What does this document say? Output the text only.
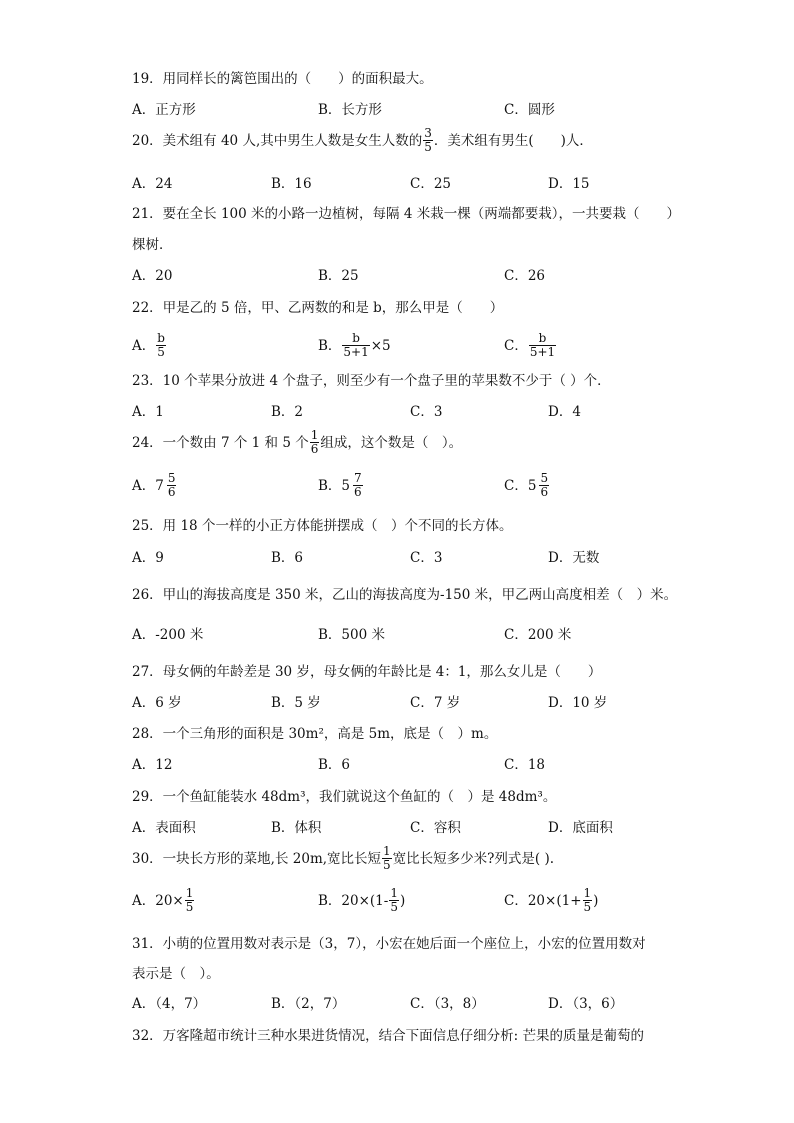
19．用同样长的篱笆围出的（　　）的面积最大。
A．正方形	B．长方形	C．圆形
20．美术组有 40 人,其中男生人数是女生人数的 $\frac{3}{5}$ ．美术组有男生(　　)人．
A．24	B．16	C．25	D．15
21．要在全长 100 米的小路一边植树，每隔 4 米栽一棵（两端都要栽），一共要栽（　　）
棵树．
A．20	B．25	C．26
22．甲是乙的 5 倍，甲、乙两数的和是 b，那么甲是（　　）
A． $\frac{b}{5}$	B． $\frac{b}{5+1} \times 5$	C． $\frac{b}{5+1}$
23．10 个苹果分放进 4 个盘子，则至少有一个盘子里的苹果数不少于（ ）个．
A．1	B．2	C．3	D．4
24．一个数由 7 个 1 和 5 个 $\frac{1}{6}$ 组成，这个数是（　）。
A．$7 \frac{5}{6}$	B．$5 \frac{7}{6}$	C．$5 \frac{5}{6}$
25．用 18 个一样的小正方体能拼摆成（　）个不同的长方体。
A．9	B．6	C．3	D．无数
26．甲山的海拔高度是 350 米，乙山的海拔高度为-150 米，甲乙两山高度相差（　）米。
A．-200 米	B．500 米	C．200 米
27．母女俩的年龄差是 30 岁，母女俩的年龄比是 4：1，那么女儿是（　　）
A．6 岁	B．5 岁	C．7 岁	D．10 岁
28．一个三角形的面积是 30m²，高是 5m，底是（　）m。
A．12	B．6	C．18
29．一个鱼缸能装水 48dm³，我们就说这个鱼缸的（　）是 48dm³。
A．表面积	B．体积	C．容积	D．底面积
30．一块长方形的菜地,长 20m,宽比长短 $\frac{1}{5}$ 宽比长短多少米?列式是( ).
A．$20\times \frac{1}{5}$	B．$20\times(1- \frac{1}{5}$ )	C．$20\times(1+ \frac{1}{5}$ )
31．小萌的位置用数对表示是（3，7），小宏在她后面一个座位上，小宏的位置用数对
表示是（　）。
A．（4，7）	B．（2，7）	C．（3，8）	D．（3，6）
32．万客隆超市统计三种水果进货情况，结合下面信息仔细分析: 芒果的质量是葡萄的
